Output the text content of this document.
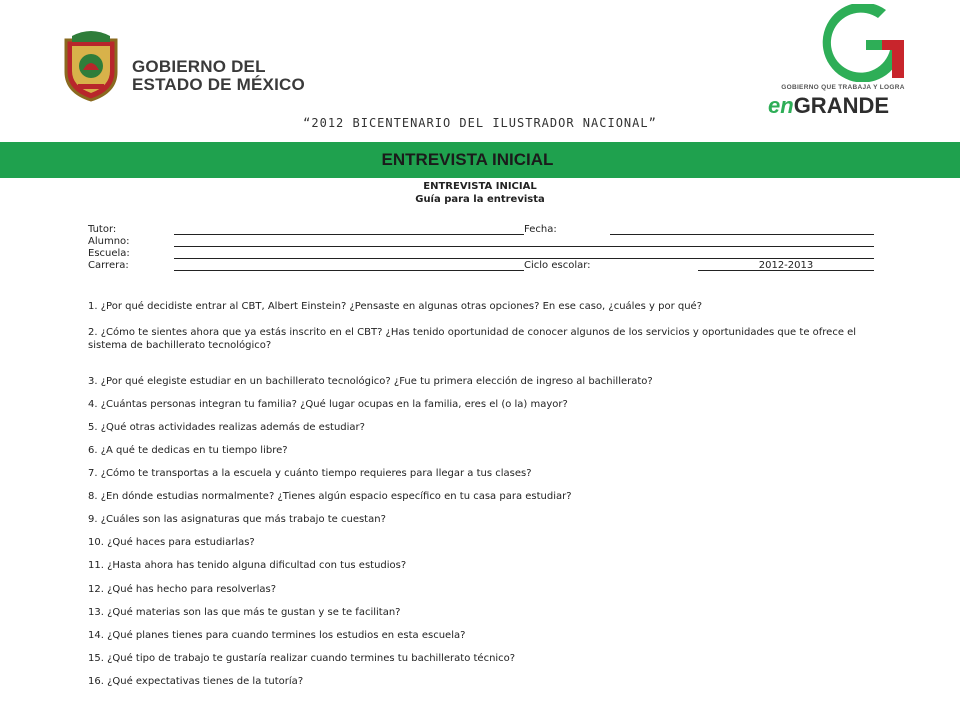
GOBIERNO DEL
ESTADO DE MÉXICO	GOBIERNO QUE TRABAJA Y LOGRA
enGRANDE
“2012 BICENTENARIO DEL ILUSTRADOR NACIONAL”
ENTREVISTA INICIAL
ENTREVISTA INICIAL
Guía para la entrevista
Tutor:	Fecha:
Alumno:
Escuela:
Carrera:	Ciclo escolar:	2012-2013
1. ¿Por qué decidiste entrar al CBT, Albert Einstein? ¿Pensaste en algunas otras opciones? En ese caso, ¿cuáles y por qué?
2. ¿Cómo te sientes ahora que ya estás inscrito en el CBT? ¿Has tenido oportunidad de conocer algunos de los servicios y oportunidades que te ofrece el sistema de bachillerato tecnológico?
3. ¿Por qué elegiste estudiar en un bachillerato tecnológico? ¿Fue tu primera elección de ingreso al bachillerato?
4. ¿Cuántas personas integran tu familia? ¿Qué lugar ocupas en la familia, eres el (o la) mayor?
5. ¿Qué otras actividades realizas además de estudiar?
6. ¿A qué te dedicas en tu tiempo libre?
7. ¿Cómo te transportas a la escuela y cuánto tiempo requieres para llegar a tus clases?
8. ¿En dónde estudias normalmente? ¿Tienes algún espacio específico en tu casa para estudiar?
9. ¿Cuáles son las asignaturas que más trabajo te cuestan?
10. ¿Qué haces para estudiarlas?
11. ¿Hasta ahora has tenido alguna dificultad con tus estudios?
12. ¿Qué has hecho para resolverlas?
13. ¿Qué materias son las que más te gustan y se te facilitan?
14. ¿Qué planes tienes para cuando termines los estudios en esta escuela?
15. ¿Qué tipo de trabajo te gustaría realizar cuando termines tu bachillerato técnico?
16. ¿Qué expectativas tienes de la tutoría?
